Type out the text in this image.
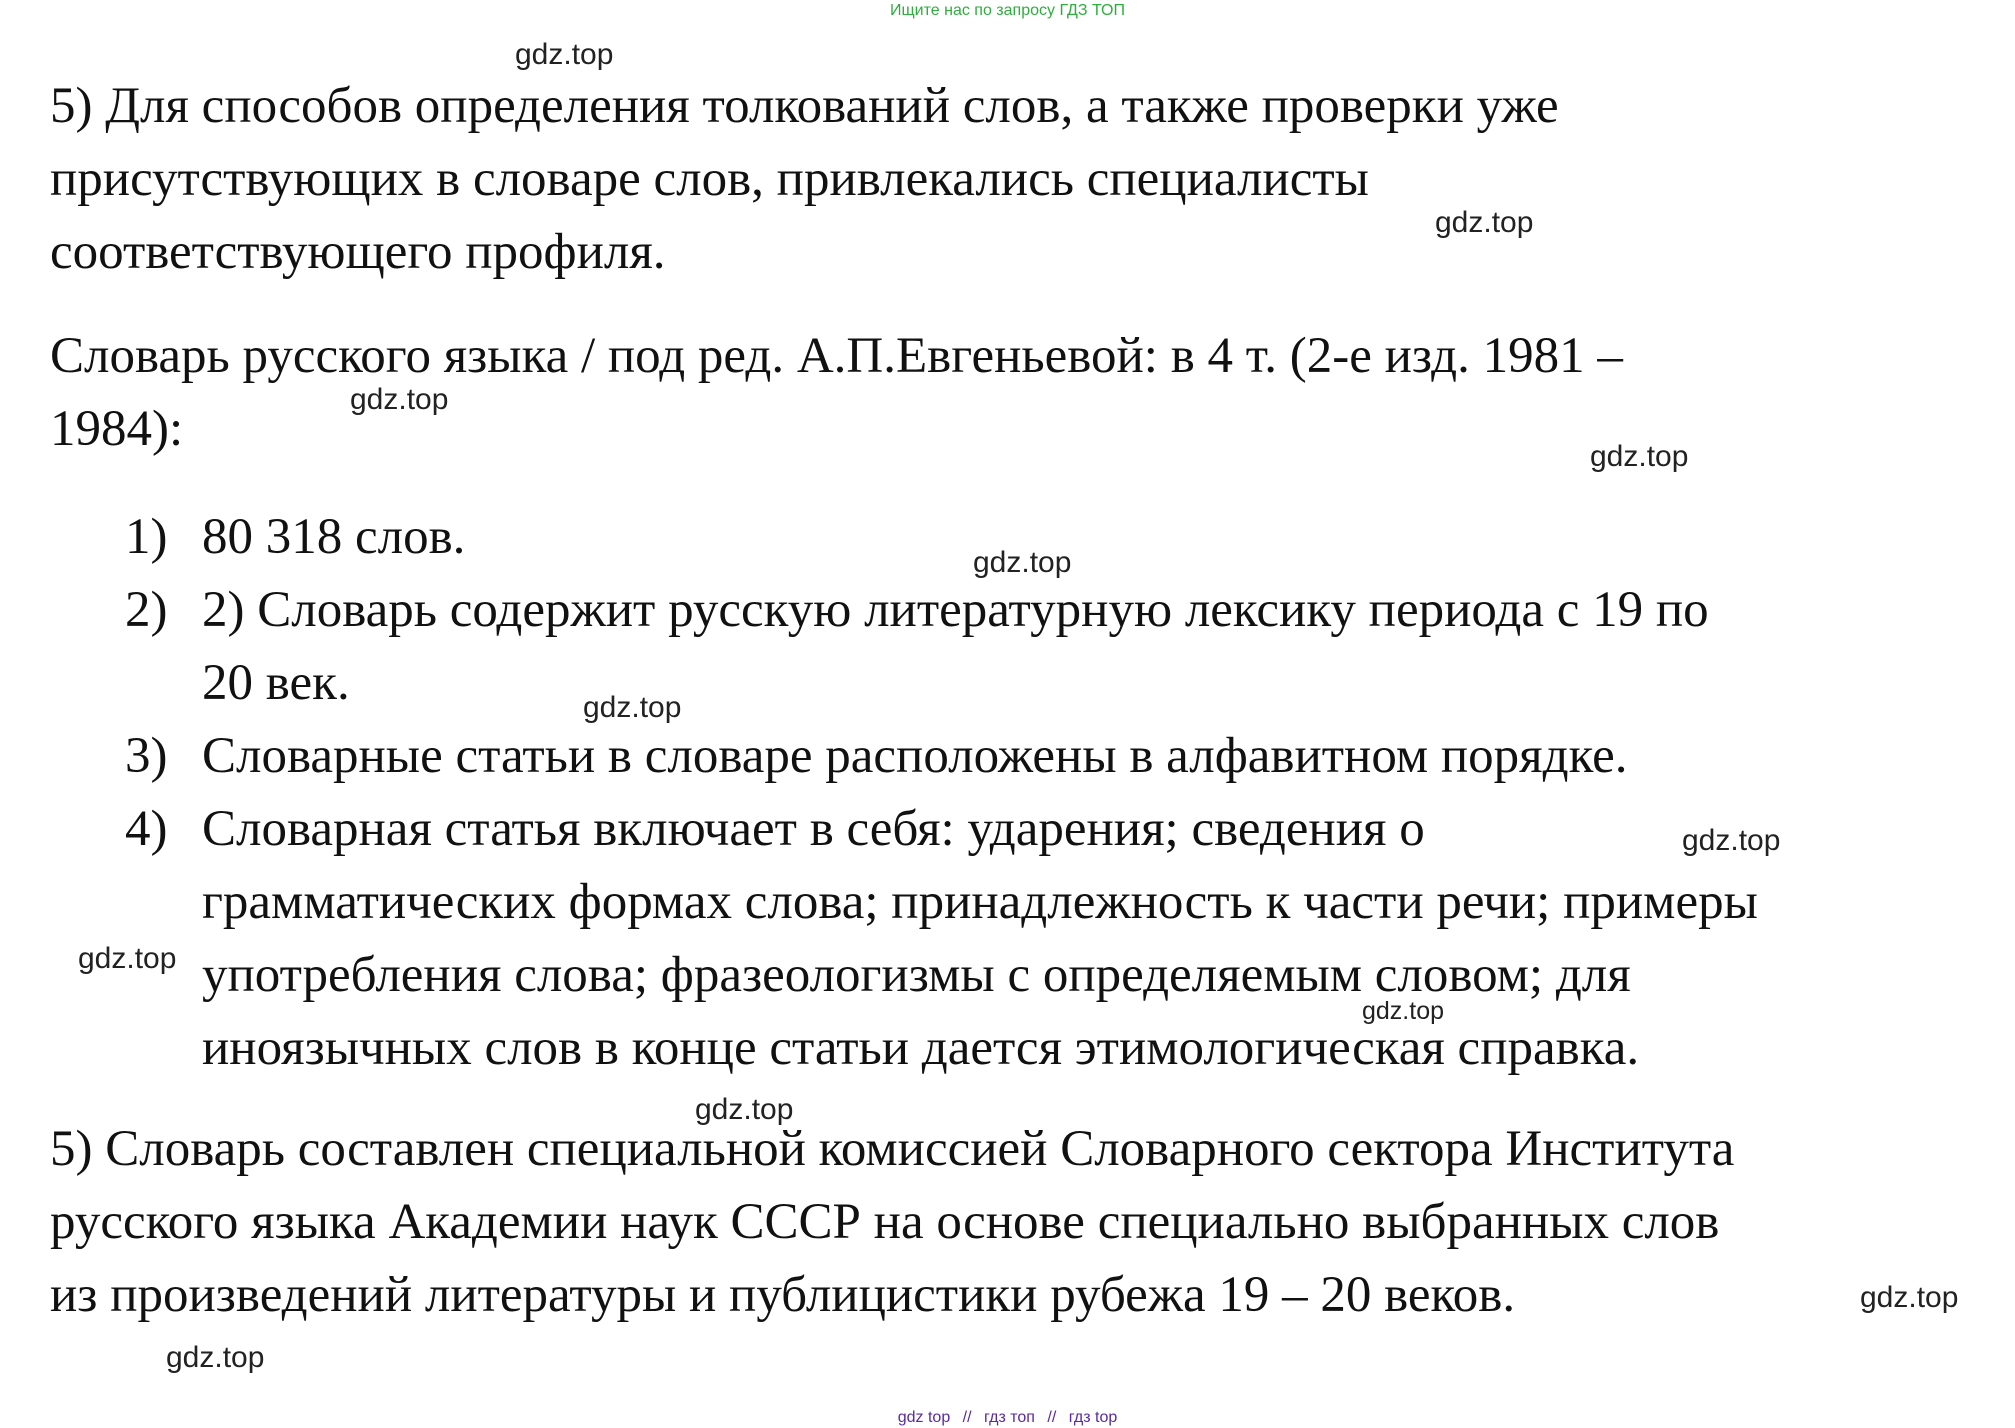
Ищите нас по запросу ГДЗ ТОП
5) Для способов определения толкований слов, а также проверки уже
присутствующих в словаре слов, привлекались специалисты
соответствующего профиля.
Словарь русского языка / под ред. А.П.Евгеньевой: в 4 т. (2-е изд. 1981 –
1984):
1) 80 318 слов.
2) 2) Словарь содержит русскую литературную лексику периода с 19 по
20 век.
3) Словарные статьи в словаре расположены в алфавитном порядке.
4) Словарная статья включает в себя: ударения; сведения о
грамматических формах слова; принадлежность к части речи; примеры
употребления слова; фразеологизмы с определяемым словом; для
иноязычных слов в конце статьи дается этимологическая справка.
5) Словарь составлен специальной комиссией Словарного сектора Института
русского языка Академии наук СССР на основе специально выбранных слов
из произведений литературы и публицистики рубежа 19 – 20 веков.
gdz.top
gdz.top
gdz.top
gdz.top
gdz.top
gdz.top
gdz.top
gdz.top
gdz.top
gdz.top
gdz.top
gdz.top
gdz top // гдз топ // гдз top
